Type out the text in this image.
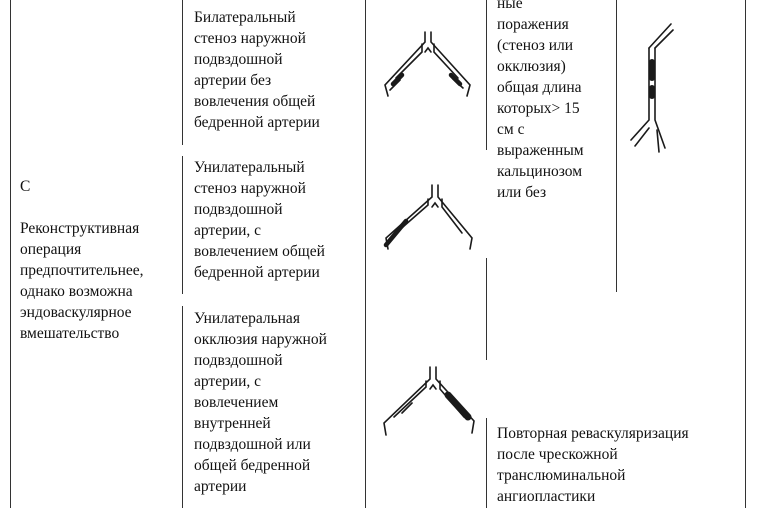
C
Реконструктивная
операция
предпочтительнее,
однако возможна
эндоваскулярное
вмешательство
Билатеральный
стеноз наружной
подвздошной
артерии без
вовлечения общей
бедренной артерии
Унилатеральный
стеноз наружной
подвздошной
артерии, с
вовлечением общей
бедренной артерии
Унилатеральная
окклюзия наружной
подвздошной
артерии, с
вовлечением
внутренней
подвздошной или
общей бедренной
артерии
ные
поражения
(стеноз или
окклюзия)
общая длина
которых> 15
см с
выраженным
кальцинозом
или без
Повторная реваскуляризация
после чрескожной
транслюминальной
ангиопластики
